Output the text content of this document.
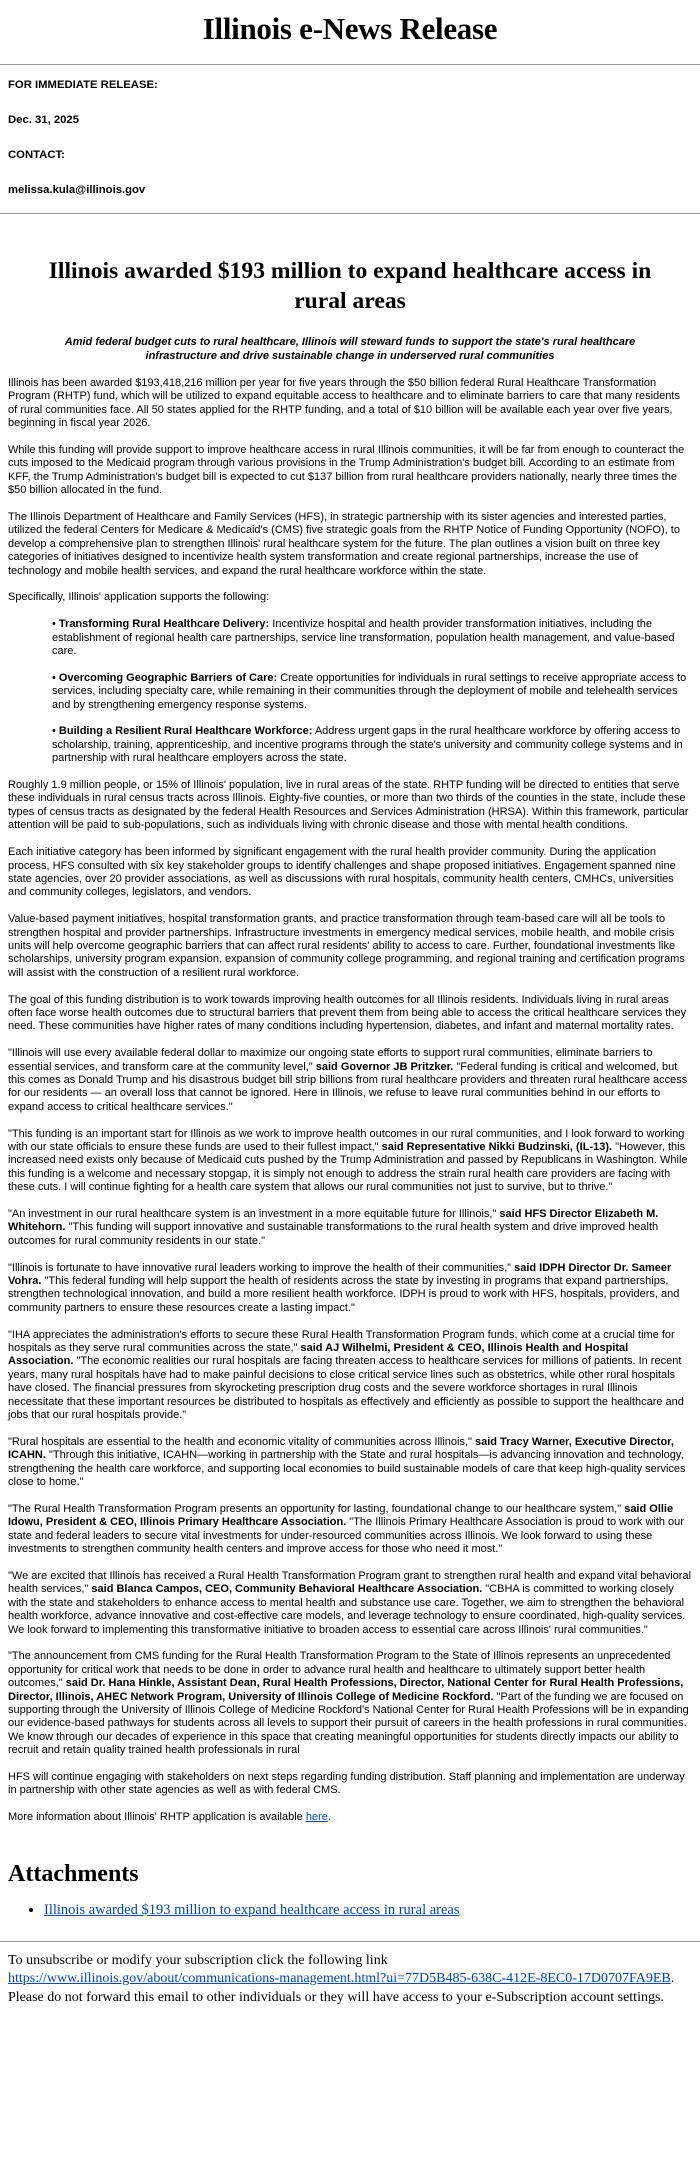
Illinois e-News Release

FOR IMMEDIATE RELEASE:

Dec. 31, 2025

CONTACT:

melissa.kula@illinois.gov

Illinois awarded $193 million to expand healthcare access in rural areas
Amid federal budget cuts to rural healthcare, Illinois will steward funds to support the state's rural healthcare infrastructure and drive sustainable change in underserved rural communities

Illinois has been awarded $193,418,216 million per year for five years through the $50 billion federal Rural Healthcare Transformation Program (RHTP) fund, which will be utilized to expand equitable access to healthcare and to eliminate barriers to care that many residents of rural communities face. All 50 states applied for the RHTP funding, and a total of $10 billion will be available each year over five years, beginning in fiscal year 2026.

While this funding will provide support to improve healthcare access in rural Illinois communities, it will be far from enough to counteract the cuts imposed to the Medicaid program through various provisions in the Trump Administration's budget bill. According to an estimate from KFF, the Trump Administration's budget bill is expected to cut $137 billion from rural healthcare providers nationally, nearly three times the $50 billion allocated in the fund.

The Illinois Department of Healthcare and Family Services (HFS), in strategic partnership with its sister agencies and interested parties, utilized the federal Centers for Medicare & Medicaid's (CMS) five strategic goals from the RHTP Notice of Funding Opportunity (NOFO), to develop a comprehensive plan to strengthen Illinois' rural healthcare system for the future. The plan outlines a vision built on three key categories of initiatives designed to incentivize health system transformation and create regional partnerships, increase the use of technology and mobile health services, and expand the rural healthcare workforce within the state.

Specifically, Illinois' application supports the following:

• Transforming Rural Healthcare Delivery: Incentivize hospital and health provider transformation initiatives, including the establishment of regional health care partnerships, service line transformation, population health management, and value-based care.

• Overcoming Geographic Barriers of Care: Create opportunities for individuals in rural settings to receive appropriate access to services, including specialty care, while remaining in their communities through the deployment of mobile and telehealth services and by strengthening emergency response systems.

• Building a Resilient Rural Healthcare Workforce: Address urgent gaps in the rural healthcare workforce by offering access to scholarship, training, apprenticeship, and incentive programs through the state's university and community college systems and in partnership with rural healthcare employers across the state.

Roughly 1.9 million people, or 15% of Illinois' population, live in rural areas of the state. RHTP funding will be directed to entities that serve these individuals in rural census tracts across Illinois. Eighty-five counties, or more than two thirds of the counties in the state, include these types of census tracts as designated by the federal Health Resources and Services Administration (HRSA). Within this framework, particular attention will be paid to sub-populations, such as individuals living with chronic disease and those with mental health conditions.

Each initiative category has been informed by significant engagement with the rural health provider community. During the application process, HFS consulted with six key stakeholder groups to identify challenges and shape proposed initiatives. Engagement spanned nine state agencies, over 20 provider associations, as well as discussions with rural hospitals, community health centers, CMHCs, universities and community colleges, legislators, and vendors.

Value-based payment initiatives, hospital transformation grants, and practice transformation through team-based care will all be tools to strengthen hospital and provider partnerships. Infrastructure investments in emergency medical services, mobile health, and mobile crisis units will help overcome geographic barriers that can affect rural residents' ability to access to care. Further, foundational investments like scholarships, university program expansion, expansion of community college programming, and regional training and certification programs will assist with the construction of a resilient rural workforce.

The goal of this funding distribution is to work towards improving health outcomes for all Illinois residents. Individuals living in rural areas often face worse health outcomes due to structural barriers that prevent them from being able to access the critical healthcare services they need. These communities have higher rates of many conditions including hypertension, diabetes, and infant and maternal mortality rates.

"Illinois will use every available federal dollar to maximize our ongoing state efforts to support rural communities, eliminate barriers to essential services, and transform care at the community level," said Governor JB Pritzker. "Federal funding is critical and welcomed, but this comes as Donald Trump and his disastrous budget bill strip billions from rural healthcare providers and threaten rural healthcare access for our residents — an overall loss that cannot be ignored. Here in Illinois, we refuse to leave rural communities behind in our efforts to expand access to critical healthcare services."

"This funding is an important start for Illinois as we work to improve health outcomes in our rural communities, and I look forward to working with our state officials to ensure these funds are used to their fullest impact," said Representative Nikki Budzinski, (IL-13). "However, this increased need exists only because of Medicaid cuts pushed by the Trump Administration and passed by Republicans in Washington. While this funding is a welcome and necessary stopgap, it is simply not enough to address the strain rural health care providers are facing with these cuts. I will continue fighting for a health care system that allows our rural communities not just to survive, but to thrive."

"An investment in our rural healthcare system is an investment in a more equitable future for Illinois," said HFS Director Elizabeth M. Whitehorn. "This funding will support innovative and sustainable transformations to the rural health system and drive improved health outcomes for rural community residents in our state."

"Illinois is fortunate to have innovative rural leaders working to improve the health of their communities," said IDPH Director Dr. Sameer Vohra. "This federal funding will help support the health of residents across the state by investing in programs that expand partnerships, strengthen technological innovation, and build a more resilient health workforce. IDPH is proud to work with HFS, hospitals, providers, and community partners to ensure these resources create a lasting impact."

"IHA appreciates the administration's efforts to secure these Rural Health Transformation Program funds, which come at a crucial time for hospitals as they serve rural communities across the state," said AJ Wilhelmi, President & CEO, Illinois Health and Hospital Association. "The economic realities our rural hospitals are facing threaten access to healthcare services for millions of patients. In recent years, many rural hospitals have had to make painful decisions to close critical service lines such as obstetrics, while other rural hospitals have closed. The financial pressures from skyrocketing prescription drug costs and the severe workforce shortages in rural Illinois necessitate that these important resources be distributed to hospitals as effectively and efficiently as possible to support the healthcare and jobs that our rural hospitals provide."

"Rural hospitals are essential to the health and economic vitality of communities across Illinois," said Tracy Warner, Executive Director, ICAHN. "Through this initiative, ICAHN—working in partnership with the State and rural hospitals—is advancing innovation and technology, strengthening the health care workforce, and supporting local economies to build sustainable models of care that keep high-quality services close to home."

"The Rural Health Transformation Program presents an opportunity for lasting, foundational change to our healthcare system," said Ollie Idowu, President & CEO, Illinois Primary Healthcare Association. "The Illinois Primary Healthcare Association is proud to work with our state and federal leaders to secure vital investments for under-resourced communities across Illinois. We look forward to using these investments to strengthen community health centers and improve access for those who need it most."

"We are excited that Illinois has received a Rural Health Transformation Program grant to strengthen rural health and expand vital behavioral health services," said Blanca Campos, CEO, Community Behavioral Healthcare Association. "CBHA is committed to working closely with the state and stakeholders to enhance access to mental health and substance use care. Together, we aim to strengthen the behavioral health workforce, advance innovative and cost-effective care models, and leverage technology to ensure coordinated, high-quality services. We look forward to implementing this transformative initiative to broaden access to essential care across Illinois' rural communities."

"The announcement from CMS funding for the Rural Health Transformation Program to the State of Illinois represents an unprecedented opportunity for critical work that needs to be done in order to advance rural health and healthcare to ultimately support better health outcomes," said Dr. Hana Hinkle, Assistant Dean, Rural Health Professions, Director, National Center for Rural Health Professions, Director, Illinois, AHEC Network Program, University of Illinois College of Medicine Rockford. "Part of the funding we are focused on supporting through the University of Illinois College of Medicine Rockford's National Center for Rural Health Professions will be in expanding our evidence-based pathways for students across all levels to support their pursuit of careers in the health professions in rural communities. We know through our decades of experience in this space that creating meaningful opportunities for students directly impacts our ability to recruit and retain quality trained health professionals in rural

HFS will continue engaging with stakeholders on next steps regarding funding distribution. Staff planning and implementation are underway in partnership with other state agencies as well as with federal CMS.

More information about Illinois' RHTP application is available here.

Attachments
• Illinois awarded $193 million to expand healthcare access in rural areas
To unsubscribe or modify your subscription click the following link
https://www.illinois.gov/about/communications-management.html?ui=77D5B485-638C-412E-8EC0-17D0707FA9EB. Please do not forward this email to other individuals or they will have access to your e-Subscription account settings.
